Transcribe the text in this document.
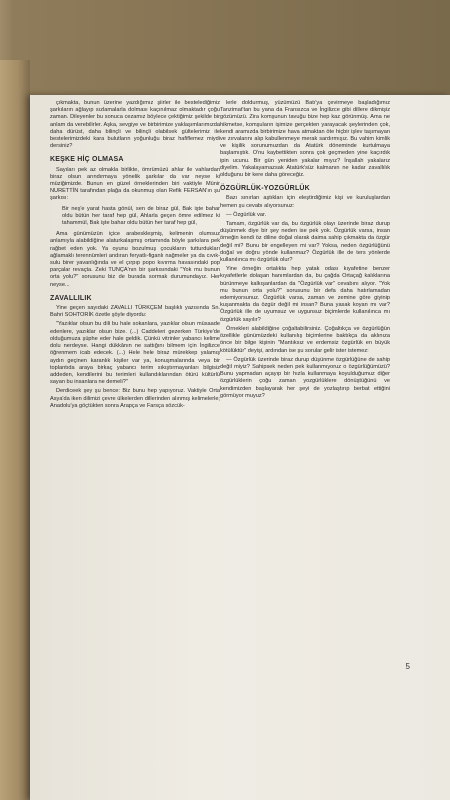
çıkmakta, bunun üzerine yazdığımız şiirler ile bestelediğimiz şarkıların ağlayıp sızlamalarla dolması kaçınılmaz olmaktadır çoğu zaman. Dileyenler bu sonuca cezamız böylece çektiğimiz şekilde bir anlam da verebilirler. Aşka, sevgiye ve birbirimize yaklaşımlarımızda daha dürüst, daha bilinçli ve bilinçli olabilsek gültelerimiz ile bestelerimizdeki kara bulutların yoğunluğu biraz hafiflemez miydi dersiniz?

KEŞKE HİÇ OLMASA

Sayıları pek az olmakla birlikte, ömrümüzü ahlar ile vahlardan biraz olsun arındırmaya yönelik şarkılar da var neyse ki müziğimizde. Bunun en güzel örneklerinden biri vaktiyle Münir NURETTİN tarafından plağa da okunmuş olan Refik FERSAN'ın şu şarkısı:

Bir neş'e yarat hasta gönül, sen de biraz gül, Bak işte bahar oldu bütün her taraf hep gül, Ahlarla geçen ömre edilmez ki tahammül, Bak işte bahar oldu bütün her taraf hep gül,

Ama günümüzün içice arabeskleşmiş, kelimenin olumsuz anlamıyla alabildiğine alaturkalaşmış ortamında böyle şarkılara pek rağbet eden yok. Ya oyunu bozulmuş çocukların tutturdukları ağlamaklı terennümleri andıran feryatlı-figanlı nağmeler ya da cıvık-sulu birer yavanlığında ve el çırpıp popo kıvırma havasındaki pop parçalar revaçta. Zeki TUNÇA'nın bir şarkısındaki "Yok mu bunun orta yolu?" sorusunu biz de burada sormak durumundayız. Her neyse...

ZAVALLILIK

Yine geçen sayıdaki ZAVALLI TÜRKÇEM başlıklı yazısında Sn. Bahri SOHTORİK özetle şöyle diyordu:

"Yazıklar olsun bu dili bu hale sokanlara, yazıklar olsun müsaade edenlere, yazıklar olsun bize. (...) Caddeleri gezerken Türkiye'de olduğumuza şüphe eder hale geldik. Çünkü vitrinler yabancı kelime dolu nerdeyse. Hangi dükkânın ne sattığını bilmem için İngilizce öğrenmem icab edecek. (...) Hele hele biraz mürekkep yalamış aydın geçinen karanlık kişiler var ya, konuşmalarında veya bir toplantıda araya birkaç yabancı terim sıkıştırmayanları bilgisiz addeden, kendilerini bu terimleri kullandıklarından ötürü kültürlü sayan bu insanlara ne demeli?"

Derdiceek şey şu bence: Biz bunu hep yapıyoruz. Vaktiyle Orta Asya'da iken dilimizi çevre ülkelerden dillerinden alınmış kelimelerle; Anadolu'ya göçtükten sonra Arapça ve Farsça sözcük-

lerle doldurmuş, yüzümüzü Batı'ya çevirmeye başladığımız Tanzimat'tan bu yana da Fransızca ve İngilizce gibi dillere dikmişiz gözümüzü. Zira komşunun tavuğu bize hep kaz görünmüş. Ama ne hikmetse, komşuların işimize gerçekten yarayacak şeylerinden çok, kendi aramızda birbirimize hava atmaktan öte hiçbir işlev taşımayan ve zırvalarını alıp kabullenmeye merak sardırmışız. Bu vahim kimlik ve kişilik sorunumuzdan da Atatürk döneminde kurtulmaya başlamıştık. O'nu kaybettikten sonra çok geçmeden yine kaçırdık ipin ucunu. Bir gün yeniden yakalar mıyız? İnşallah yakalarız diyelim. Yakalayamazsak Atatürk'süz kalmanın ne kadar zavallılık olduğunu bir kere daha göreceğiz.

ÖZGÜRLÜK-YOZGÜRLÜK

Bazı sınırları aştıkları için eleştirdiğimiz kişi ve kuruluşlardan hemen şu cevabı alıyorsunuz:

— Özgürlük var.

Tamam, özgürlük var da, bu özgürlük olayı üzerinde biraz durup düşünmek diye bir şey neden ise pek yok. Özgürlük varsa, insan örneğin kendi öz diline doğal olarak daima sahip çıkmakta da özgür değil mi? Bunu bir engelleyen mi var? Yoksa, neden özgürlüğünü doğal ve doğru yönde kullanmaz? Özgürlük ille de ters yönlerde kullanılınca mı özgürlük olur?

Yine örneğin ortalıkta hep yatak odası kıyafetine benzer kıyafetlerle dolaşan hanımlardan da, bu çağda Ortaçağ kalıklarına bürünmeye kalkışanlardan da "Özgürlük var" cevabını alıyor. "Yok mu bunun orta yolu?" sorusunu bir defa daha hatırlamadan edemiyorsunuz. Özgürlük varsa, zaman ve zemine göre giyinip kuşanmakta da özgür değil mi insan? Buna yasak koyan mı var? Özgürlük ille de uyumsuz ve uygunsuz biçimlerde kullanılınca mı özgürlük sayılır?

Örnekleri alabildiğine çoğaltabilirsiniz. Çoğaltıkça ve özgürlüğün özellikle günümüzdeki kullanılış biçimlerine baktıkça da aklınıza önce bir bilge kişinin "Mantıksız ve erdemsiz özgürlük en büyük kötülüktür" deyişi, ardından ise şu sorular gelir ister istemez:

— Özgürlük üzerinde biraz durup düşünme özgürlüğüne de sahip değil miyiz? Sahipsek neden pek kullanmıyoruz o özgürlüğümüzü? Bunu yapmadan açayıp bir hızla kullanmaya koyulduğumuz diğer özgürlüklerin çoğu zaman yozgürlüklere dönüştüğünü ve kendimizden başlayarak her şeyi de yozlaştırıp berbat ettiğini görmüyor muyuz?

5
